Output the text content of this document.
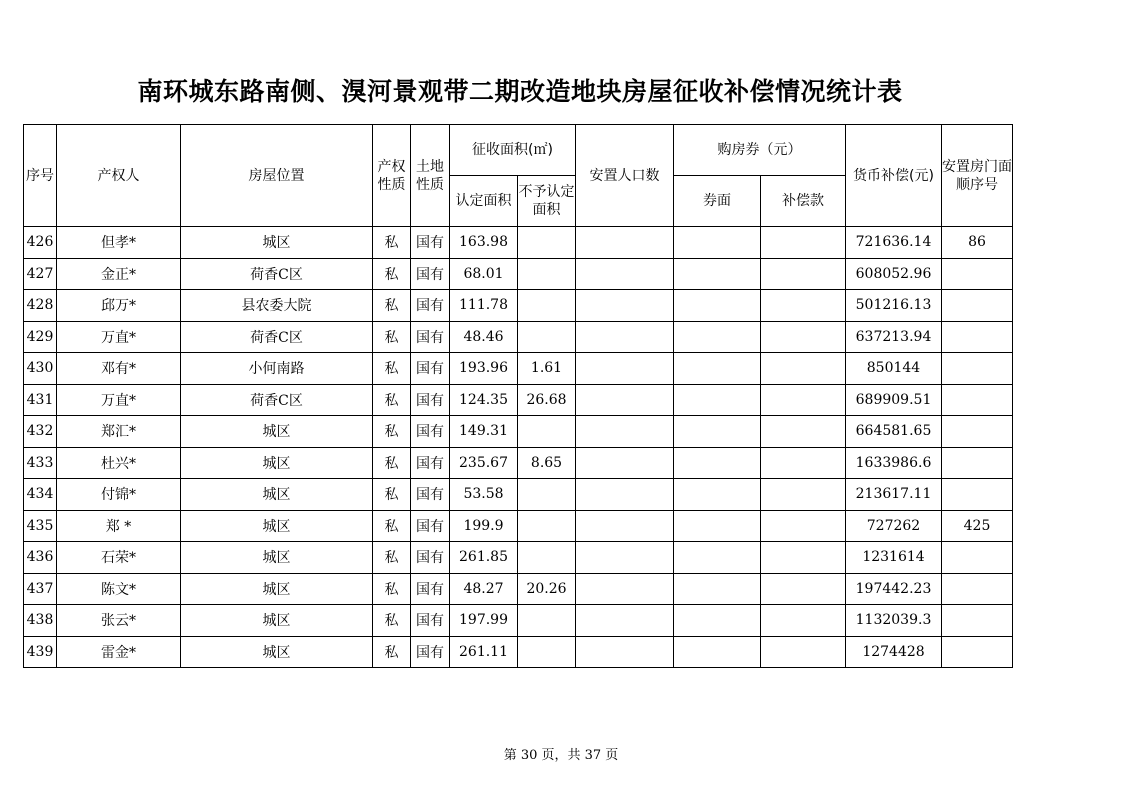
南环城东路南侧、湨河景观带二期改造地块房屋征收补偿情况统计表
序号	产权人	房屋位置	产权性质	土地性质	征收面积(㎡)		安置人口数	购房券（元）		货币补偿(元)	安置房门面顺序号
					认定面积	不予认定面积		券面	补偿款		
426	但孝*	城区	私	国有	163.98					721636.14	86
427	金正*	荷香C区	私	国有	68.01					608052.96	
428	邱万*	县农委大院	私	国有	111.78					501216.13	
429	万直*	荷香C区	私	国有	48.46					637213.94	
430	邓有*	小何南路	私	国有	193.96	1.61				850144	
431	万直*	荷香C区	私	国有	124.35	26.68				689909.51	
432	郑汇*	城区	私	国有	149.31					664581.65	
433	杜兴*	城区	私	国有	235.67	8.65				1633986.6	
434	付锦*	城区	私	国有	53.58					213617.11	
435	郑 *	城区	私	国有	199.9					727262	425
436	石荣*	城区	私	国有	261.85					1231614	
437	陈文*	城区	私	国有	48.27	20.26				197442.23	
438	张云*	城区	私	国有	197.99					1132039.3	
439	雷金*	城区	私	国有	261.11					1274428	
第 30 页，共 37 页
